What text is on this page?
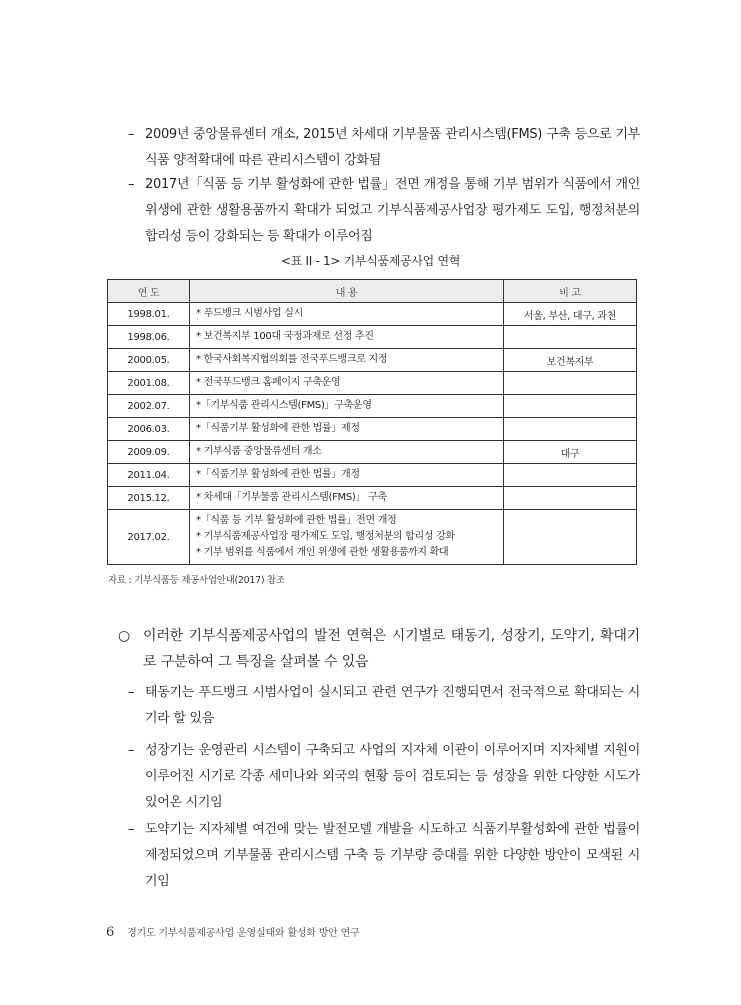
– 2009년 중앙물류센터 개소, 2015년 차세대 기부물품 관리시스템(FMS) 구축 등으로 기부식품 양적확대에 따른 관리시스템이 강화됨
– 2017년「식품 등 기부 활성화에 관한 법률」전면 개정을 통해 기부 범위가 식품에서 개인위생에 관한 생활용품까지 확대가 되었고 기부식품제공사업장 평가제도 도입, 행정처분의 합리성 등이 강화되는 등 확대가 이루어짐
<표 II - 1> 기부식품제공사업 연혁
연 도	내 용	비 고
1998.01.	* 푸드뱅크 시범사업 실시	서울, 부산, 대구, 과천
1998.06.	* 보건복지부 100대 국정과제로 선정 추진	

2000.05.	* 한국사회복지협의회를 전국푸드뱅크로 지정	보건복지부
2001.08.	* 전국푸드뱅크 홈페이지 구축운영	

2002.07.	*「기부식품 관리시스템(FMS)」구축운영	

2006.03.	*「식품기부 활성화에 관한 법률」제정	

2009.09.	* 기부식품 중앙물류센터 개소	대구
2011.04.	*「식품기부 활성화에 관한 법률」개정	

2015.12.	* 차세대「기부물품 관리시스템(FMS)」 구축	

2017.02.	*「식품 등 기부 활성화에 관한 법률」전면 개정
* 기부식품제공사업장 평가제도 도입, 행정처분의 합리성 강화
* 기부 범위를 식품에서 개인 위생에 관한 생활용품까지 확대	

자료 : 기부식품등 제공사업안내(2017) 참조
○ 이러한 기부식품제공사업의 발전 연혁은 시기별로 태동기, 성장기, 도약기, 확대기로 구분하여 그 특징을 살펴볼 수 있음
– 태동기는 푸드뱅크 시범사업이 실시되고 관련 연구가 진행되면서 전국적으로 확대되는 시기라 할 있음
– 성장기는 운영관리 시스템이 구축되고 사업의 지자체 이관이 이루어지며 지자체별 지원이 이루어진 시기로 각종 세미나와 외국의 현황 등이 검토되는 등 성장을 위한 다양한 시도가 있어온 시기임
– 도약기는 지자체별 여건에 맞는 발전모델 개발을 시도하고 식품기부활성화에 관한 법률이 제정되었으며 기부물품 관리시스템 구축 등 기부량 증대를 위한 다양한 방안이 모색된 시기임
6 경기도 기부식품제공사업 운영실태와 활성화 방안 연구
